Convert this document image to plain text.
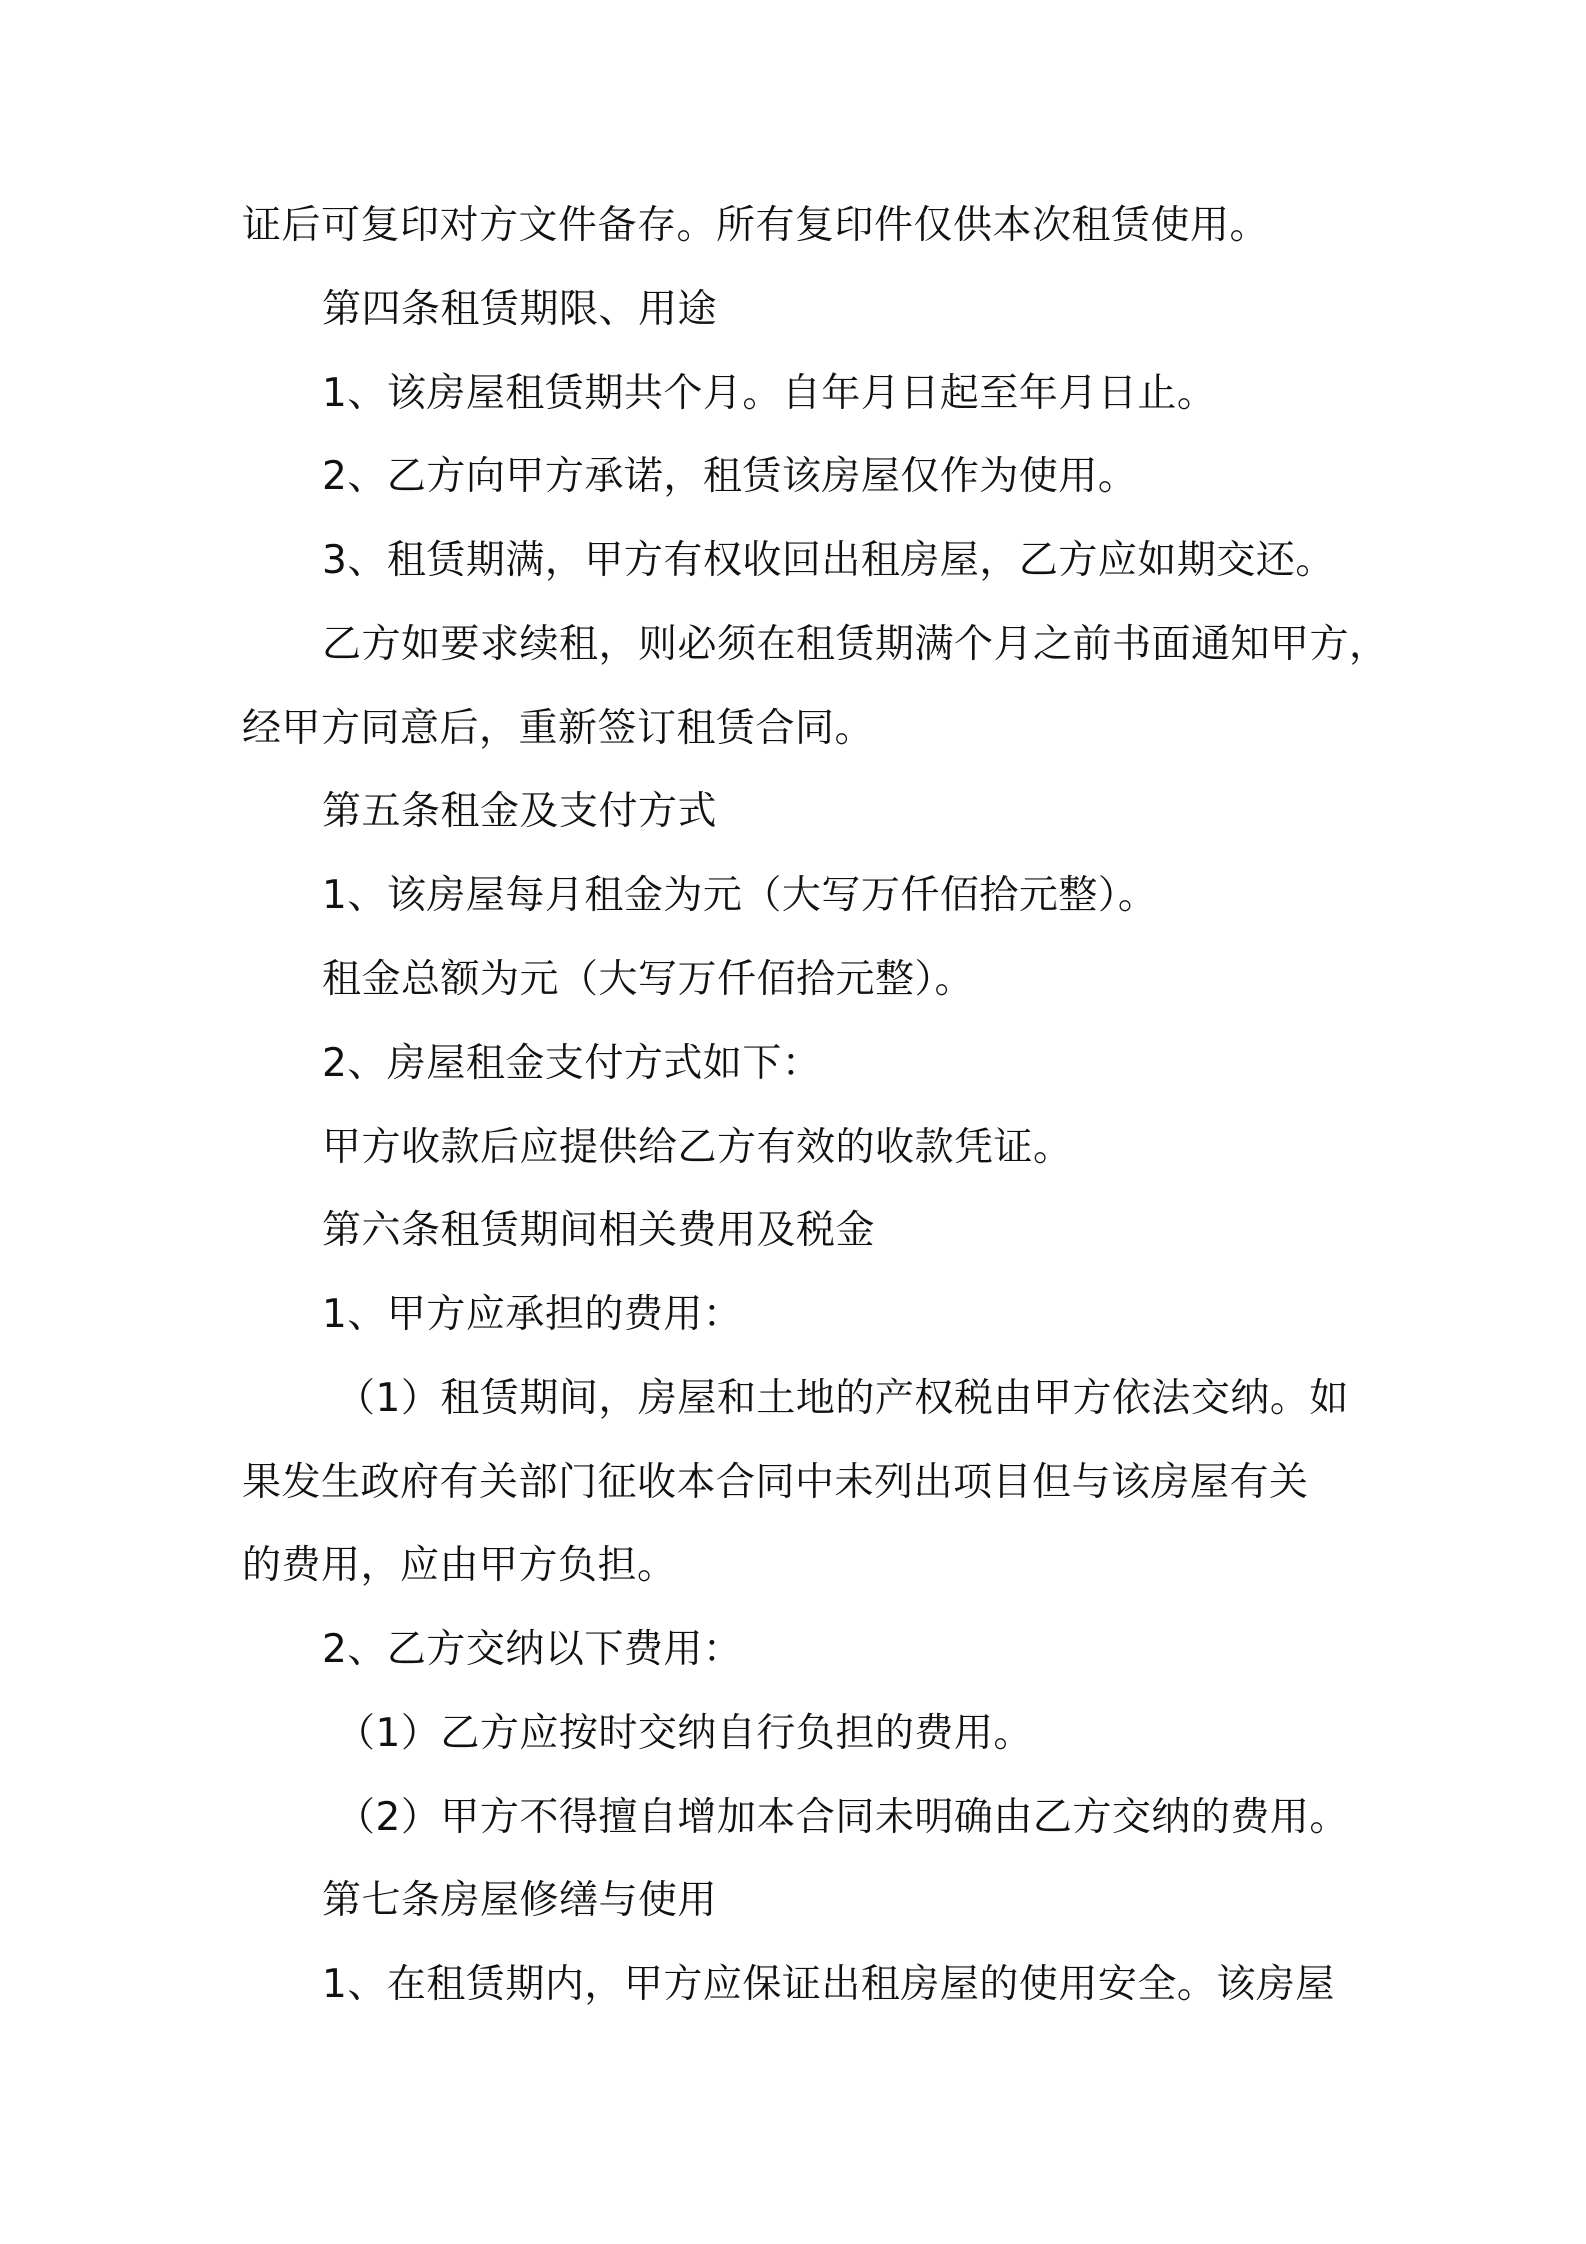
证后可复印对方文件备存。所有复印件仅供本次租赁使用。
第四条租赁期限、用途
1、该房屋租赁期共个月。自年月日起至年月日止。
2、乙方向甲方承诺，租赁该房屋仅作为使用。
3、租赁期满，甲方有权收回出租房屋，乙方应如期交还。
乙方如要求续租，则必须在租赁期满个月之前书面通知甲方，
经甲方同意后，重新签订租赁合同。
第五条租金及支付方式
1、该房屋每月租金为元（大写万仟佰拾元整）。
租金总额为元（大写万仟佰拾元整）。
2、房屋租金支付方式如下：
甲方收款后应提供给乙方有效的收款凭证。
第六条租赁期间相关费用及税金
1、甲方应承担的费用：
（1）租赁期间，房屋和土地的产权税由甲方依法交纳。如
果发生政府有关部门征收本合同中未列出项目但与该房屋有关
的费用，应由甲方负担。
2、乙方交纳以下费用：
（1）乙方应按时交纳自行负担的费用。
（2）甲方不得擅自增加本合同未明确由乙方交纳的费用。
第七条房屋修缮与使用
1、在租赁期内，甲方应保证出租房屋的使用安全。该房屋
